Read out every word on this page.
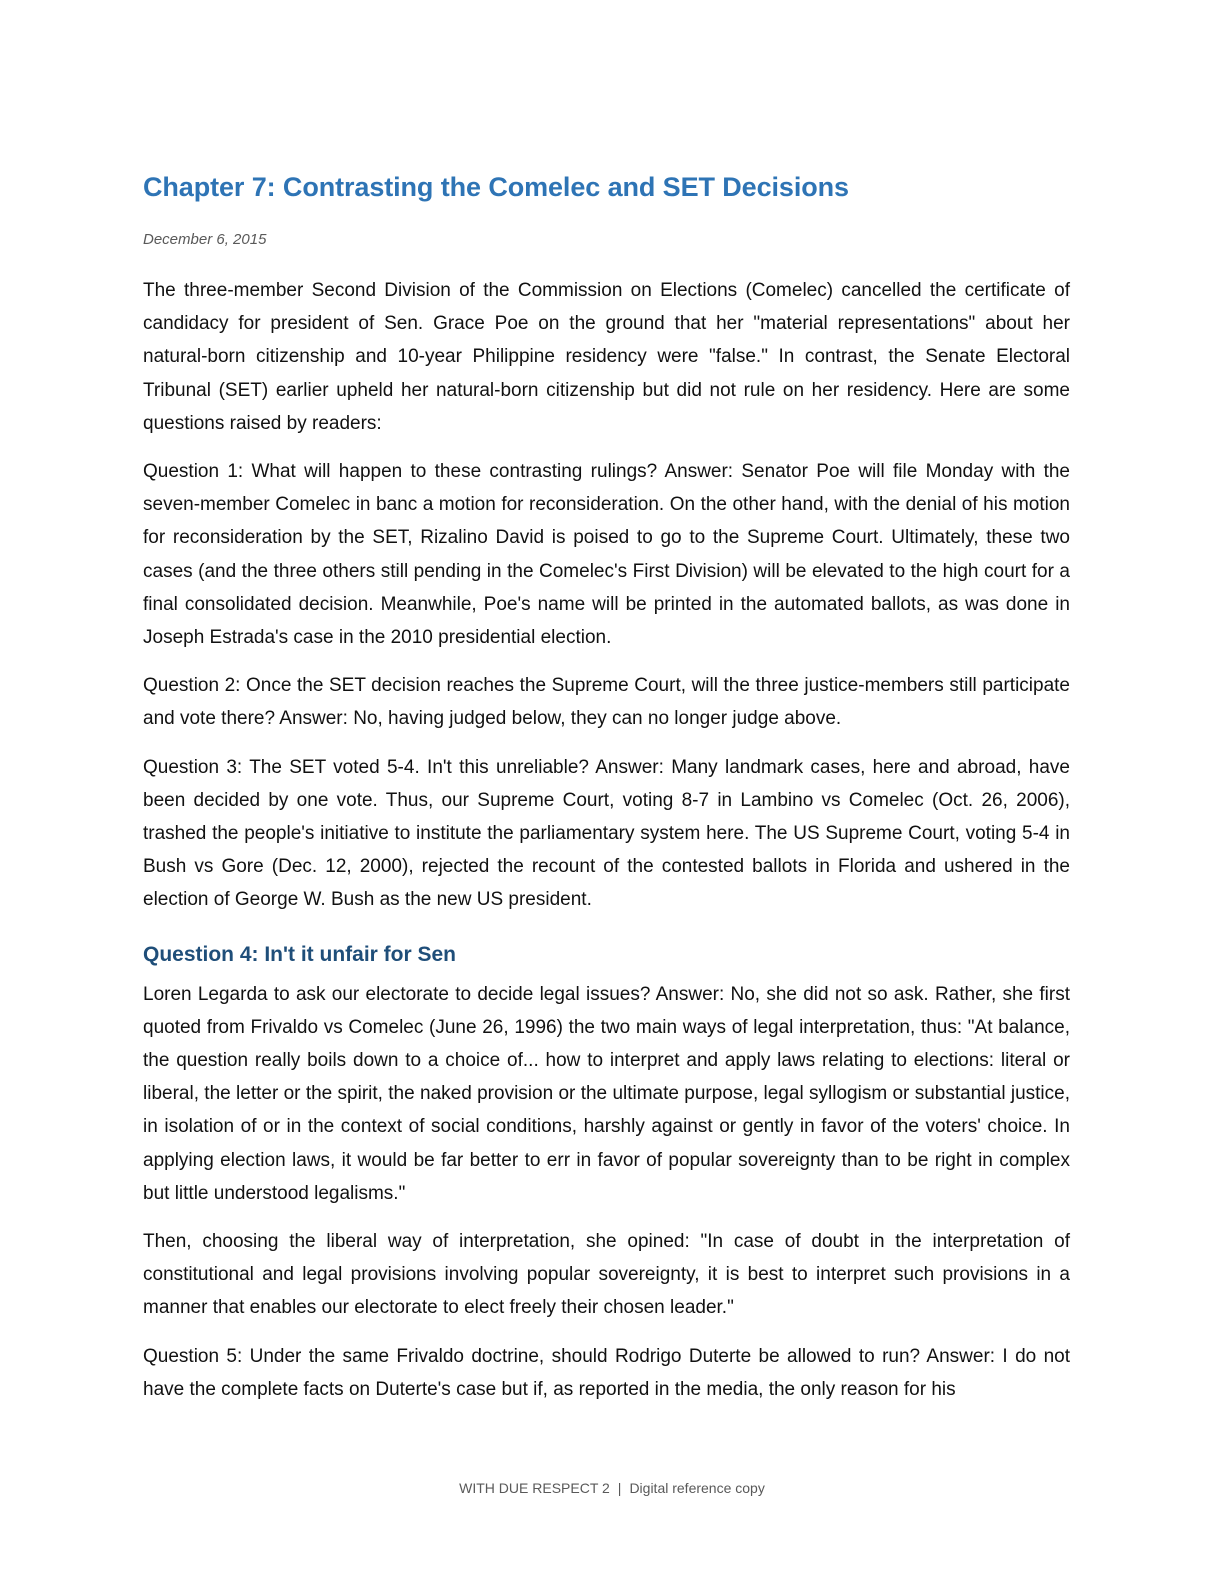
Chapter 7: Contrasting the Comelec and SET Decisions

December 6, 2015

The three-member Second Division of the Commission on Elections (Comelec) cancelled the certificate of candidacy for president of Sen. Grace Poe on the ground that her "material representations" about her natural-born citizenship and 10-year Philippine residency were "false." In contrast, the Senate Electoral Tribunal (SET) earlier upheld her natural-born citizenship but did not rule on her residency. Here are some questions raised by readers:

Question 1: What will happen to these contrasting rulings? Answer: Senator Poe will file Monday with the seven-member Comelec in banc a motion for reconsideration. On the other hand, with the denial of his motion for reconsideration by the SET, Rizalino David is poised to go to the Supreme Court. Ultimately, these two cases (and the three others still pending in the Comelec's First Division) will be elevated to the high court for a final consolidated decision. Meanwhile, Poe's name will be printed in the automated ballots, as was done in Joseph Estrada's case in the 2010 presidential election.

Question 2: Once the SET decision reaches the Supreme Court, will the three justice-members still participate and vote there? Answer: No, having judged below, they can no longer judge above.

Question 3: The SET voted 5-4. In't this unreliable? Answer: Many landmark cases, here and abroad, have been decided by one vote. Thus, our Supreme Court, voting 8-7 in Lambino vs Comelec (Oct. 26, 2006), trashed the people's initiative to institute the parliamentary system here. The US Supreme Court, voting 5-4 in Bush vs Gore (Dec. 12, 2000), rejected the recount of the contested ballots in Florida and ushered in the election of George W. Bush as the new US president.

Question 4: In't it unfair for Sen

Loren Legarda to ask our electorate to decide legal issues? Answer: No, she did not so ask. Rather, she first quoted from Frivaldo vs Comelec (June 26, 1996) the two main ways of legal interpretation, thus: "At balance, the question really boils down to a choice of... how to interpret and apply laws relating to elections: literal or liberal, the letter or the spirit, the naked provision or the ultimate purpose, legal syllogism or substantial justice, in isolation of or in the context of social conditions, harshly against or gently in favor of the voters' choice. In applying election laws, it would be far better to err in favor of popular sovereignty than to be right in complex but little understood legalisms."

Then, choosing the liberal way of interpretation, she opined: "In case of doubt in the interpretation of constitutional and legal provisions involving popular sovereignty, it is best to interpret such provisions in a manner that enables our electorate to elect freely their chosen leader."

Question 5: Under the same Frivaldo doctrine, should Rodrigo Duterte be allowed to run? Answer: I do not have the complete facts on Duterte's case but if, as reported in the media, the only reason for his

WITH DUE RESPECT 2 | Digital reference copy
